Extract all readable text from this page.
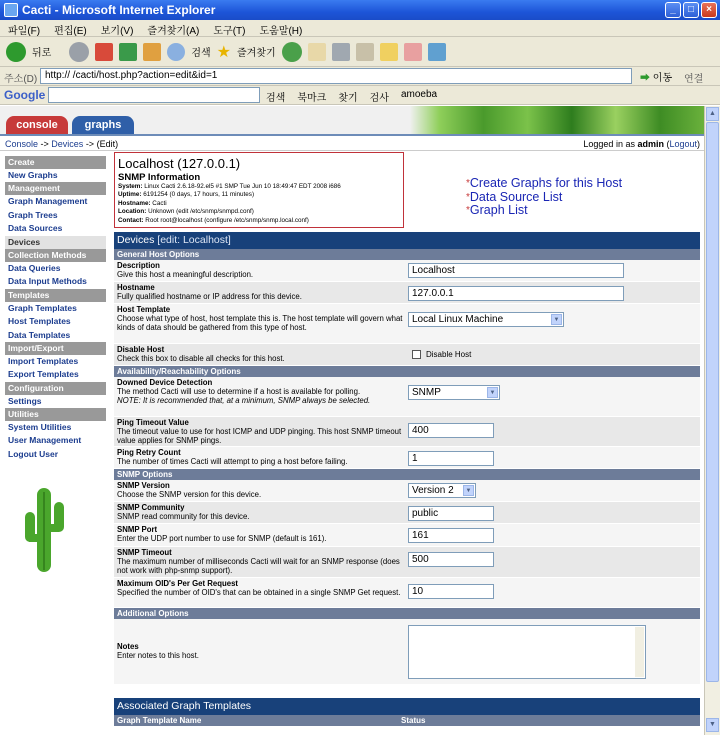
Cacti - Microsoft Internet Explorer	_	□	×
파일(F) 편집(E) 보기(V) 즐겨찾기(A) 도구(T) 도움말(H)
뒤로	검색 ★ 즐겨찾기
주소(D) http:// /cacti/host.php?action=edit&id=1	➡ 이동 연결
Google	검색 북마크 찾기 검사 amoeba
console	graphs
Console -> Devices -> (Edit)	Logged in as admin (Logout)
Create
New Graphs
Management
Graph Management
Graph Trees
Data Sources
Devices
Collection Methods
Data Queries
Data Input Methods
Templates
Graph Templates
Host Templates
Data Templates
Import/Export
Import Templates
Export Templates
Configuration
Settings
Utilities
System Utilities
User Management
Logout User
Localhost (127.0.0.1)
SNMP Information
System: Linux Cacti 2.6.18-92.el5 #1 SMP Tue Jun 10 18:49:47 EDT 2008 i686
Uptime: 6191254 (0 days, 17 hours, 11 minutes)
Hostname: Cacti
Location: Unknown (edit /etc/snmp/snmpd.conf)
Contact: Root root@localhost (configure /etc/snmp/snmp.local.conf)
*Create Graphs for this Host
*Data Source List
*Graph List
Devices [edit: Localhost]
General Host Options
Description
Give this host a meaningful description.	Localhost
Hostname
Fully qualified hostname or IP address for this device.	127.0.0.1
Host Template
Choose what type of host, host template this is. The host template will govern what kinds of data should be gathered from this type of host.
Local Linux Machine	▼
Disable Host
Check this box to disable all checks for this host.	Disable Host
Availability/Reachability Options
Downed Device Detection
The method Cacti will use to determine if a host is available for polling.
NOTE: It is recommended that, at a minimum, SNMP always be selected.
SNMP	▼
Ping Timeout Value
The timeout value to use for host ICMP and UDP pinging. This host SNMP timeout value applies for SNMP pings.
400
Ping Retry Count
The number of times Cacti will attempt to ping a host before failing.	1
SNMP Options
SNMP Version
Choose the SNMP version for this device.	Version 2	▼
SNMP Community
SNMP read community for this device.	public
SNMP Port
Enter the UDP port number to use for SNMP (default is 161).	161
SNMP Timeout
The maximum number of milliseconds Cacti will wait for an SNMP response (does not work with php-snmp support).
500
Maximum OID's Per Get Request
Specified the number of OID's that can be obtained in a single SNMP Get request.	10
Additional Options
Notes
Enter notes to this host.
Associated Graph Templates
Graph Template Name	Status
▲
▼
